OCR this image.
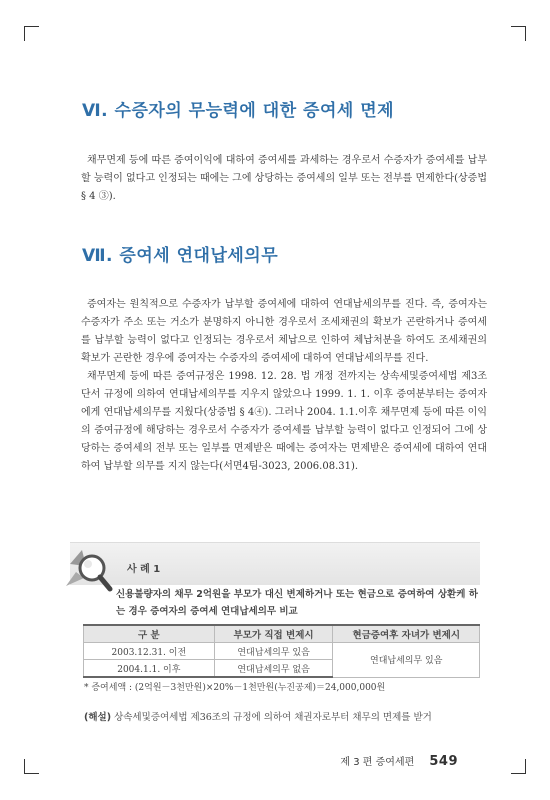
Ⅵ. 수증자의 무능력에 대한 증여세 면제

채무면제 등에 따른 증여이익에 대하여 증여세를 과세하는 경우로서 수증자가 증여세를 납부할 능력이 없다고 인정되는 때에는 그에 상당하는 증여세의 일부 또는 전부를 면제한다(상증법 § 4 ③).

Ⅶ. 증여세 연대납세의무

증여자는 원칙적으로 수증자가 납부할 증여세에 대하여 연대납세의무를 진다. 즉, 증여자는 수증자가 주소 또는 거소가 분명하지 아니한 경우로서 조세채권의 확보가 곤란하거나 증여세를 납부할 능력이 없다고 인정되는 경우로서 체납으로 인하여 체납처분을 하여도 조세채권의 확보가 곤란한 경우에 증여자는 수증자의 증여세에 대하여 연대납세의무를 진다.

채무면제 등에 따른 증여규정은 1998. 12. 28. 법 개정 전까지는 상속세및증여세법 제3조 단서 규정에 의하여 연대납세의무를 지우지 않았으나 1999. 1. 1. 이후 증여분부터는 증여자에게 연대납세의무를 지웠다(상증법 § 4④). 그러나 2004. 1.1.이후 채무면제 등에 따른 이익의 증여규정에 해당하는 경우로서 수증자가 증여세를 납부할 능력이 없다고 인정되어 그에 상당하는 증여세의 전부 또는 일부를 면제받은 때에는 증여자는 면제받은 증여세에 대하여 연대하여 납부할 의무를 지지 않는다(서면4팀-3023, 2006.08.31).

사 례 1
신용불량자의 채무 2억원을 부모가 대신 변제하거나 또는 현금으로 증여하여 상환케 하는 경우 증여자의 증여세 연대납세의무 비교
구 분	부모가 직접 변제시	현금증여후 자녀가 변제시
2003.12.31. 이전	연대납세의무 있음	연대납세의무 있음
2004.1.1. 이후	연대납세의무 없음	
* 증여세액 : (2억원－3천만원)×20%－1천만원(누진공제)＝24,000,000원
(해설) 상속세및증여세법 제36조의 규정에 의하여 채권자로부터 채무의 면제를 받거
제 3 편 증여세편 549
